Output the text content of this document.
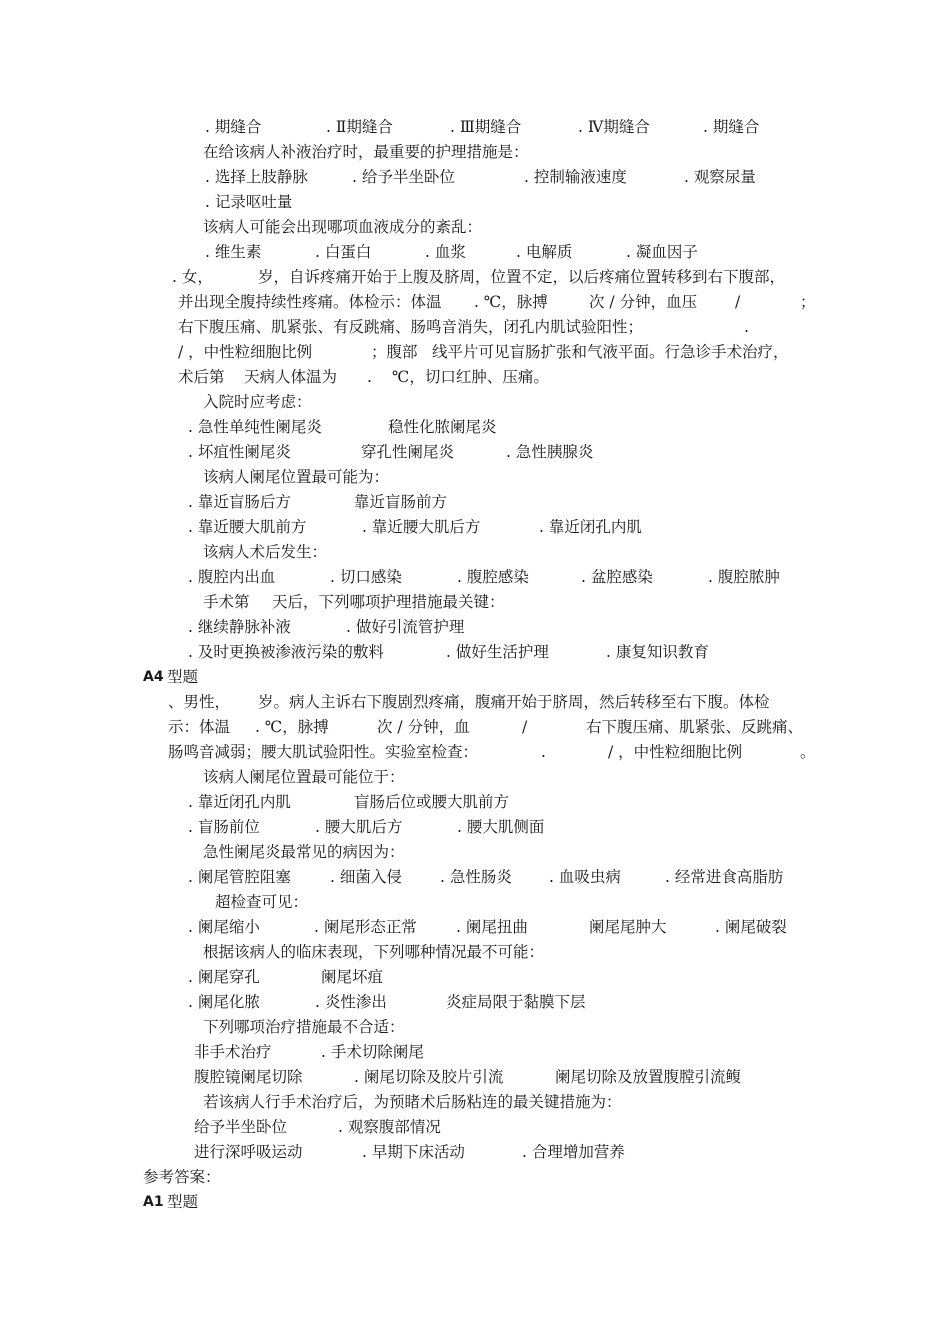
. 期缝合

	. Ⅱ期缝合

	. Ⅲ期缝合

	. Ⅳ期缝合

	. 期缝合

在给该病人补液治疗时，最重要的护理措施是：

. 选择上肢静脉

	. 给予半坐卧位

	. 控制输液速度

	. 观察尿量

. 记录呕吐量

该病人可能会出现哪项血液成分的紊乱：

. 维生素

	. 白蛋白

	. 血浆

	. 电解质

	. 凝血因子

. 女，

	岁，自诉疼痛开始于上腹及脐周，位置不定，以后疼痛位置转移到右下腹部，

并出现全腹持续性疼痛。体检示：体温

. ℃，脉搏

	次 / 分钟，血压

/

	；

右下腹压痛、肌紧张、有反跳痛、肠鸣音消失，闭孔内肌试验阳性；

	.

/ ，中性粒细胞比例

	；腹部

线平片可见盲肠扩张和气液平面。行急诊手术治疗，

术后第

天病人体温为

.

℃，切口红肿、压痛。

入院时应考虑：

. 急性单纯性阑尾炎

	稳性化脓阑尾炎

. 坏疽性阑尾炎

	穿孔性阑尾炎

	. 急性胰腺炎

该病人阑尾位置最可能为：

. 靠近盲肠后方

	靠近盲肠前方

. 靠近腰大肌前方

	. 靠近腰大肌后方

	. 靠近闭孔内肌

该病人术后发生：

. 腹腔内出血

	. 切口感染

	. 腹腔感染

	. 盆腔感染

	. 腹腔脓肿

手术第

天后，下列哪项护理措施最关键：

. 继续静脉补液

	. 做好引流管护理

. 及时更换被渗液污染的敷料

	. 做好生活护理

	. 康复知识教育

A4

型题

、男性，

岁。病人主诉右下腹剧烈疼痛，腹痛开始于脐周，然后转移至右下腹。体检

示：体温

. ℃，脉搏

	次 / 分钟，血

	/

	右下腹压痛、肌紧张、反跳痛、

肠鸣音减弱；腰大肌试验阳性。实验室检查：

	.

	/ ，中性粒细胞比例

	。

该病人阑尾位置最可能位于：

. 靠近闭孔内肌

	盲肠后位或腰大肌前方

. 盲肠前位

	. 腰大肌后方

	. 腰大肌侧面

急性阑尾炎最常见的病因为：

. 阑尾管腔阻塞

	. 细菌入侵

. 急性肠炎

. 血吸虫病

	. 经常进食高脂肪

超检查可见：

. 阑尾缩小

	. 阑尾形态正常

	. 阑尾扭曲

	阑尾尾肿大

	. 阑尾破裂

根据该病人的临床表现，下列哪种情况最不可能：

. 阑尾穿孔

	阑尾坏疽

. 阑尾化脓

	. 炎性渗出

	炎症局限于黏膜下层

下列哪项治疗措施最不合适：

非手术治疗

	. 手术切除阑尾

腹腔镜阑尾切除

	. 阑尾切除及胶片引流

	阑尾切除及放置腹膛引流鳆

若该病人行手术治疗后，为预睹术后肠粘连的最关键措施为：

给予半坐卧位

	. 观察腹部情况

进行深呼吸运动

	. 早期下床活动

	. 合理增加营养

参考答案：

A1

型题
